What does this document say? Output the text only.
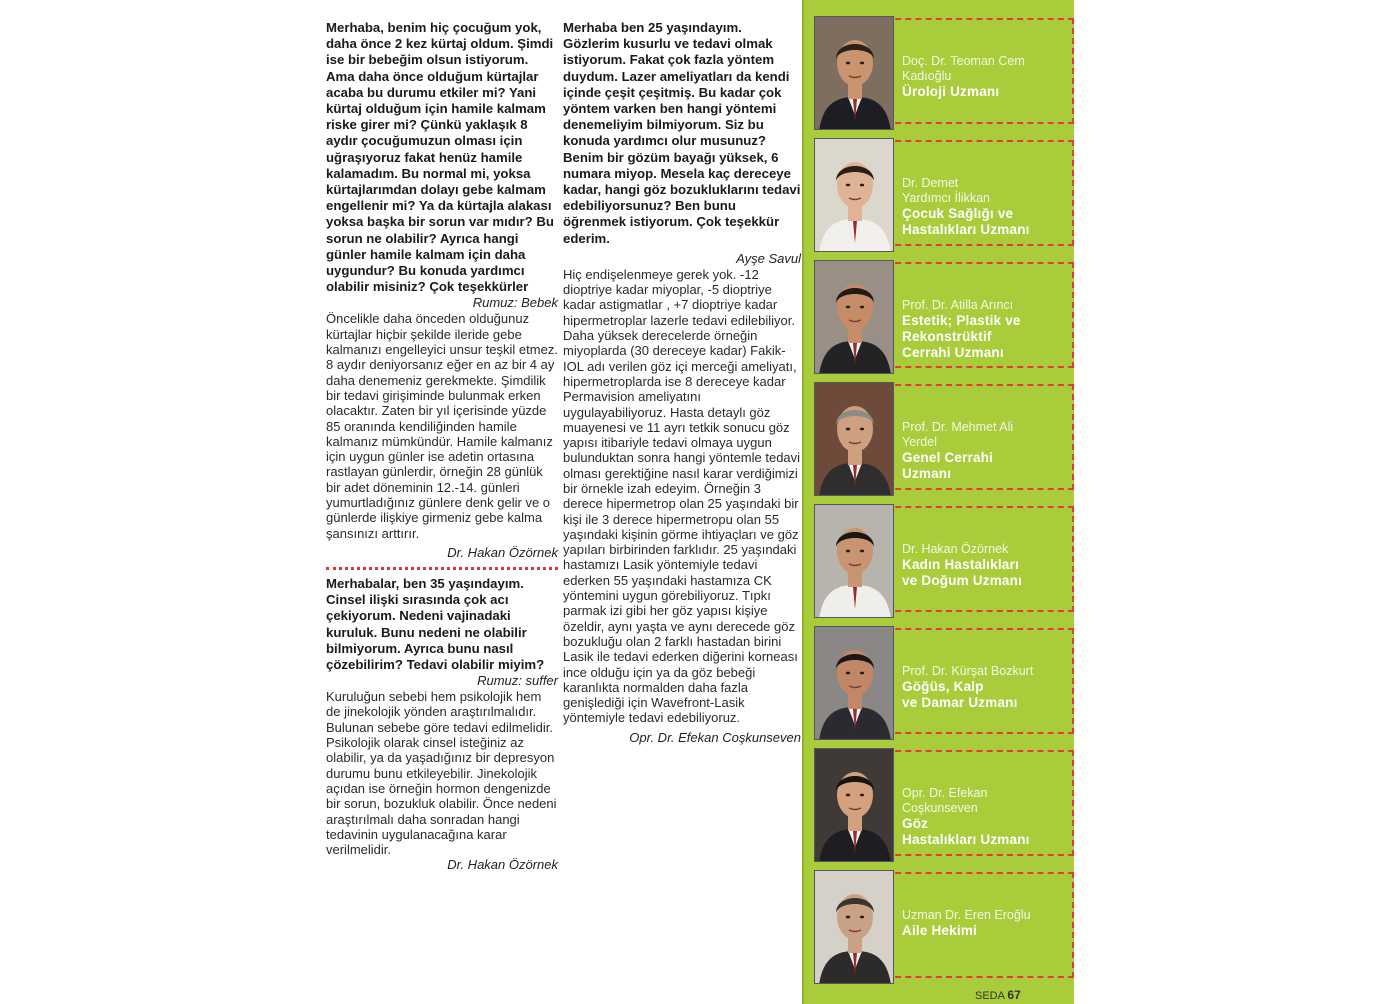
Merhaba, benim hiç çocuğum yok, daha önce 2 kez kürtaj oldum. Şimdi ise bir bebeğim olsun istiyorum. Ama daha önce olduğum kürtajlar acaba bu durumu etkiler mi? Yani kürtaj olduğum için hamile kalmam riske girer mi? Çünkü yaklaşık 8 aydır çocuğumuzun olması için uğraşıyoruz fakat henüz hamile kalamadım. Bu normal mi, yoksa kürtajlarımdan dolayı gebe kalmam engellenir mi? Ya da kürtajla alakası yoksa başka bir sorun var mıdır? Bu sorun ne olabilir? Ayrıca hangi günler hamile kalmam için daha uygundur? Bu konuda yardımcı olabilir misiniz? Çok teşekkürler
Rumuz: Bebek
Öncelikle daha önceden olduğunuz kürtajlar hiçbir şekilde ileride gebe kalmanızı engelleyici unsur teşkil etmez. 8 aydır deniyorsanız eğer en az bir 4 ay daha denemeniz gerekmekte. Şimdilik bir tedavi girişiminde bulunmak erken olacaktır. Zaten bir yıl içerisinde yüzde 85 oranında kendiliğinden hamile kalmanız mümkündür. Hamile kalmanız için uygun günler ise adetin ortasına rastlayan günlerdir, örneğin 28 günlük bir adet döneminin 12.-14. günleri yumurtladığınız günlere denk gelir ve o günlerde ilişkiye girmeniz gebe kalma şansınızı arttırır.
Dr. Hakan Özörnek
Merhabalar, ben 35 yaşındayım. Cinsel ilişki sırasında çok acı çekiyorum. Nedeni vajinadaki kuruluk. Bunu nedeni ne olabilir bilmiyorum. Ayrıca bunu nasıl çözebilirim? Tedavi olabilir miyim?
Rumuz: suffer
Kuruluğun sebebi hem psikolojik hem de jinekolojik yönden araştırılmalıdır. Bulunan sebebe göre tedavi edilmelidir. Psikolojik olarak cinsel isteğiniz az olabilir, ya da yaşadığınız bir depresyon durumu bunu etkileyebilir. Jinekolojik açıdan ise örneğin hormon dengenizde bir sorun, bozukluk olabilir. Önce nedeni araştırılmalı daha sonradan hangi tedavinin uygulanacağına karar verilmelidir.
Dr. Hakan Özörnek
Merhaba ben 25 yaşındayım. Gözlerim kusurlu ve tedavi olmak istiyorum. Fakat çok fazla yöntem duydum. Lazer ameliyatları da kendi içinde çeşit çeşitmiş. Bu kadar çok yöntem varken ben hangi yöntemi denemeliyim bilmiyorum. Siz bu konuda yardımcı olur musunuz? Benim bir gözüm bayağı yüksek, 6 numara miyop. Mesela kaç dereceye kadar, hangi göz bozukluklarını tedavi edebiliyorsunuz? Ben bunu öğrenmek istiyorum. Çok teşekkür ederim.
Ayşe Savul
Hiç endişelenmeye gerek yok. -12 dioptriye kadar miyoplar, -5 dioptriye kadar astigmatlar , +7 dioptriye kadar hipermetroplar lazerle tedavi edilebiliyor. Daha yüksek derecelerde örneğin miyoplarda (30 dereceye kadar) Fakik-IOL adı verilen göz içi merceği ameliyatı, hipermetroplarda ise 8 dereceye kadar Permavision ameliyatını uygulayabiliyoruz. Hasta detaylı göz muayenesi ve 11 ayrı tetkik sonucu göz yapısı itibariyle tedavi olmaya uygun bulunduktan sonra hangi yöntemle tedavi olması gerektiğine nasıl karar verdiğimizi bir örnekle izah edeyim. Örneğin 3 derece hipermetrop olan 25 yaşındaki bir kişi ile 3 derece hipermetropu olan 55 yaşındaki kişinin görme ihtiyaçları ve göz yapıları birbirinden farklıdır. 25 yaşındaki hastamızı Lasik yöntemiyle tedavi ederken 55 yaşındaki hastamıza CK yöntemini uygun görebiliyoruz. Tıpkı parmak izi gibi her göz yapısı kişiye özeldir, aynı yaşta ve aynı derecede göz bozukluğu olan 2 farklı hastadan birini Lasik ile tedavi ederken diğerini korneası ince olduğu için ya da göz bebeği karanlıkta normalden daha fazla genişlediği için Wavefront-Lasik yöntemiyle tedavi edebiliyoruz.
Opr. Dr. Efekan Coşkunseven
Doç. Dr. Teoman Cem
Kadıoğlu
Üroloji Uzmanı
Dr. Demet
Yardımcı İlikkan
Çocuk Sağlığı ve
Hastalıkları Uzmanı
Prof. Dr. Atilla Arıncı
Estetik; Plastik ve
Rekonstrüktif
Cerrahi Uzmanı
Prof. Dr. Mehmet Ali
Yerdel
Genel Cerrahi
Uzmanı
Dr. Hakan Özörnek
Kadın Hastalıkları
ve Doğum Uzmanı
Prof. Dr. Kürşat Bozkurt
Göğüs, Kalp
ve Damar Uzmanı
Opr. Dr. Efekan
Coşkunseven
Göz
Hastalıkları Uzmanı
Uzman Dr. Eren Eroğlu
Aile Hekimi
SEDA 67
